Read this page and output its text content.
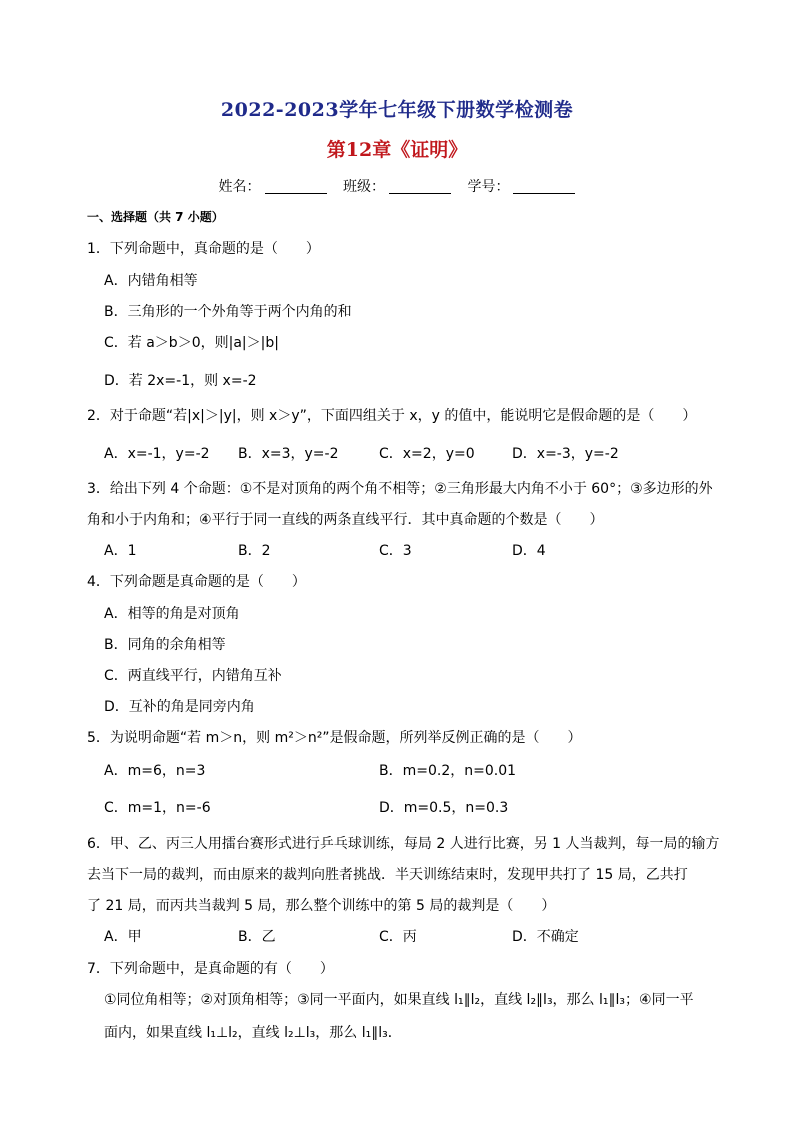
2022-2023学年七年级下册数学检测卷
第12章《证明》
姓名：	班级：	学号：
一、选择题（共 7 小题）
1．下列命题中，真命题的是（　　）
A．内错角相等
B．三角形的一个外角等于两个内角的和
C．若 a＞b＞0，则|a|＞|b|
D．若 2x=-1，则 x=-2
2．对于命题“若|x|＞|y|，则 x＞y”，下面四组关于 x，y 的值中，能说明它是假命题的是（　　）
A．x=-1，y=-2 B．x=3，y=-2	C．x=2，y=0	D．x=-3，y=-2
3．给出下列 4 个命题：①不是对顶角的两个角不相等；②三角形最大内角不小于 60°；③多边形的外
角和小于内角和；④平行于同一直线的两条直线平行．其中真命题的个数是（　　）
A．1	B．2	C．3	D．4
4．下列命题是真命题的是（　　）
A．相等的角是对顶角
B．同角的余角相等
C．两直线平行，内错角互补
D．互补的角是同旁内角
5．为说明命题“若 m＞n，则 m²＞n²”是假命题，所列举反例正确的是（　　）
A．m=6，n=3	B．m=0.2，n=0.01
C．m=1，n=-6	D．m=0.5，n=0.3
6．甲、乙、丙三人用擂台赛形式进行乒乓球训练，每局 2 人进行比赛，另 1 人当裁判，每一局的输方
去当下一局的裁判，而由原来的裁判向胜者挑战．半天训练结束时，发现甲共打了 15 局，乙共打
了 21 局，而丙共当裁判 5 局，那么整个训练中的第 5 局的裁判是（　　）
A．甲	B．乙	C．丙	D．不确定
7．下列命题中，是真命题的有（　　）
①同位角相等；②对顶角相等；③同一平面内，如果直线 l₁∥l₂，直线 l₂∥l₃，那么 l₁∥l₃；④同一平
面内，如果直线 l₁⊥l₂，直线 l₂⊥l₃，那么 l₁∥l₃．
